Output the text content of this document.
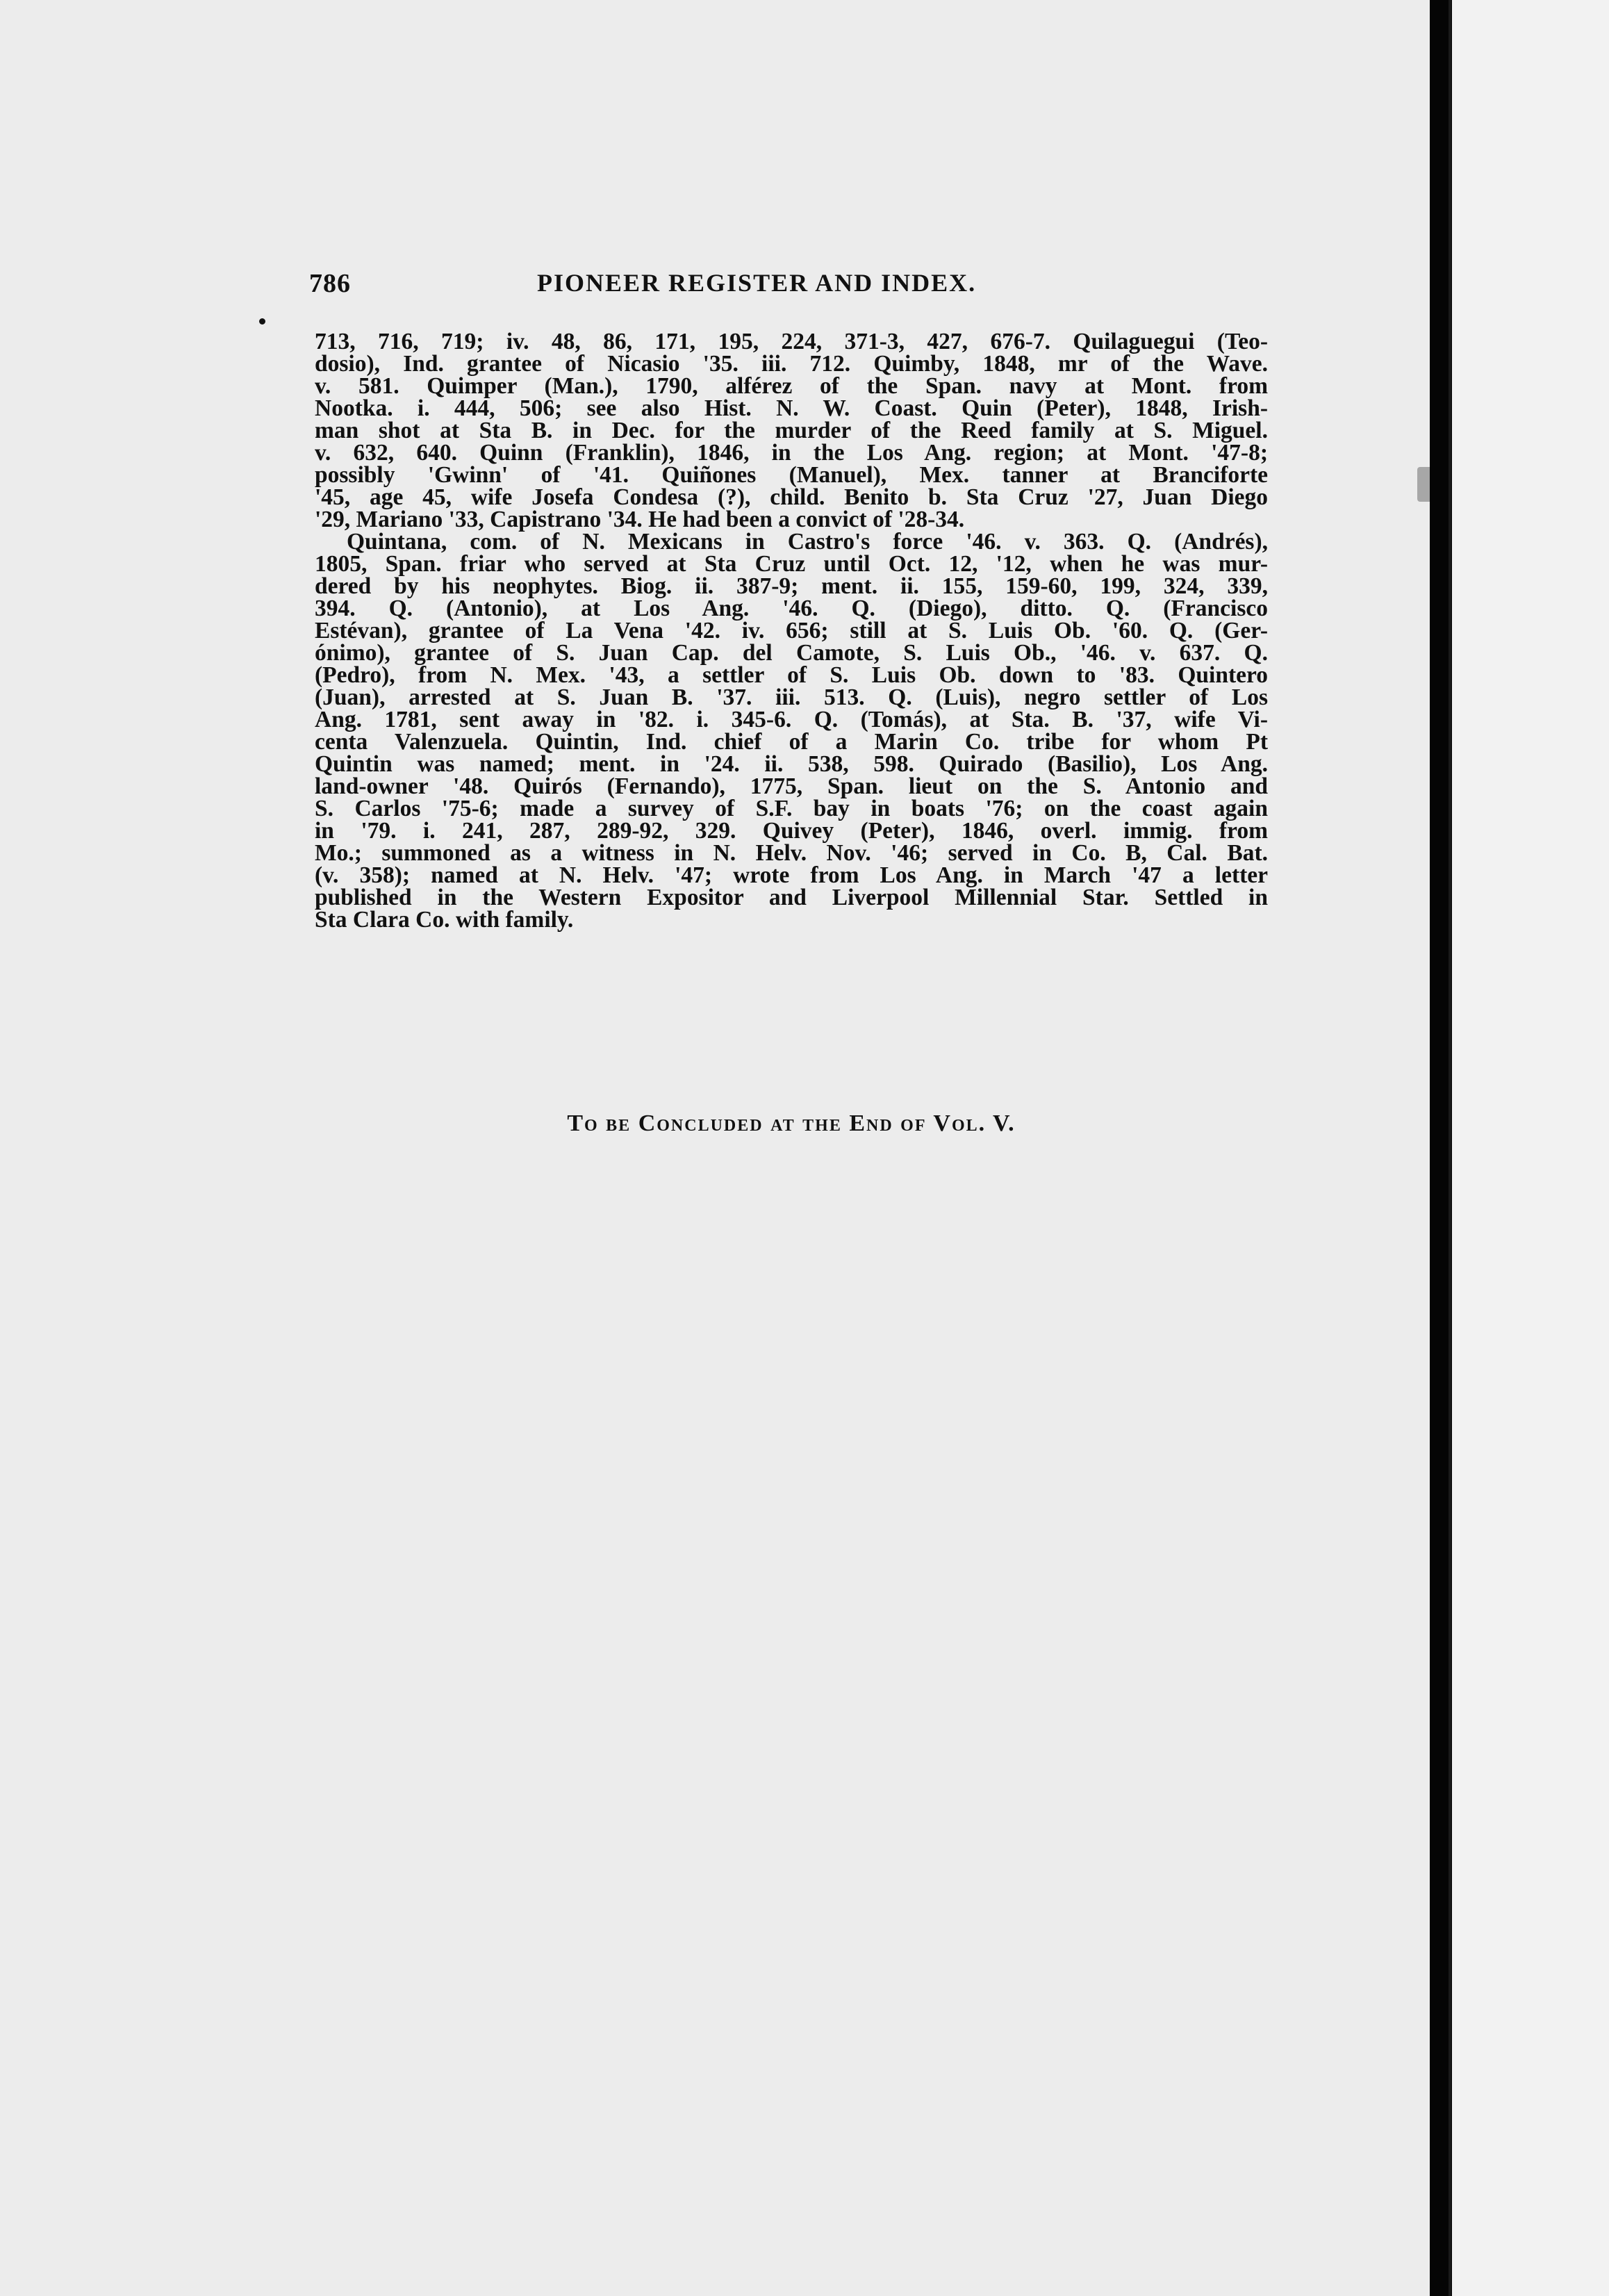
786	PIONEER REGISTER AND INDEX.

713, 716, 719; iv. 48, 86, 171, 195, 224, 371-3, 427, 676-7. Quilaguegui (Teo-
dosio), Ind. grantee of Nicasio '35. iii. 712. Quimby, 1848, mr of the Wave.
v. 581. Quimper (Man.), 1790, alférez of the Span. navy at Mont. from
Nootka. i. 444, 506; see also Hist. N. W. Coast. Quin (Peter), 1848, Irish-
man shot at Sta B. in Dec. for the murder of the Reed family at S. Miguel.
v. 632, 640. Quinn (Franklin), 1846, in the Los Ang. region; at Mont. '47-8;
possibly 'Gwinn' of '41. Quiñones (Manuel), Mex. tanner at Branciforte
'45, age 45, wife Josefa Condesa (?), child. Benito b. Sta Cruz '27, Juan Diego
'29, Mariano '33, Capistrano '34. He had been a convict of '28-34.

Quintana, com. of N. Mexicans in Castro's force '46. v. 363. Q. (Andrés),
1805, Span. friar who served at Sta Cruz until Oct. 12, '12, when he was mur-
dered by his neophytes. Biog. ii. 387-9; ment. ii. 155, 159-60, 199, 324, 339,
394. Q. (Antonio), at Los Ang. '46. Q. (Diego), ditto. Q. (Francisco
Estévan), grantee of La Vena '42. iv. 656; still at S. Luis Ob. '60. Q. (Ger-
ónimo), grantee of S. Juan Cap. del Camote, S. Luis Ob., '46. v. 637. Q.
(Pedro), from N. Mex. '43, a settler of S. Luis Ob. down to '83. Quintero
(Juan), arrested at S. Juan B. '37. iii. 513. Q. (Luis), negro settler of Los
Ang. 1781, sent away in '82. i. 345-6. Q. (Tomás), at Sta. B. '37, wife Vi-
centa Valenzuela. Quintin, Ind. chief of a Marin Co. tribe for whom Pt
Quintin was named; ment. in '24. ii. 538, 598. Quirado (Basilio), Los Ang.
land-owner '48. Quirós (Fernando), 1775, Span. lieut on the S. Antonio and
S. Carlos '75-6; made a survey of S.F. bay in boats '76; on the coast again
in '79. i. 241, 287, 289-92, 329. Quivey (Peter), 1846, overl. immig. from
Mo.; summoned as a witness in N. Helv. Nov. '46; served in Co. B, Cal. Bat.
(v. 358); named at N. Helv. '47; wrote from Los Ang. in March '47 a letter
published in the Western Expositor and Liverpool Millennial Star. Settled in
Sta Clara Co. with family.

To be Concluded at the End of Vol. V.
